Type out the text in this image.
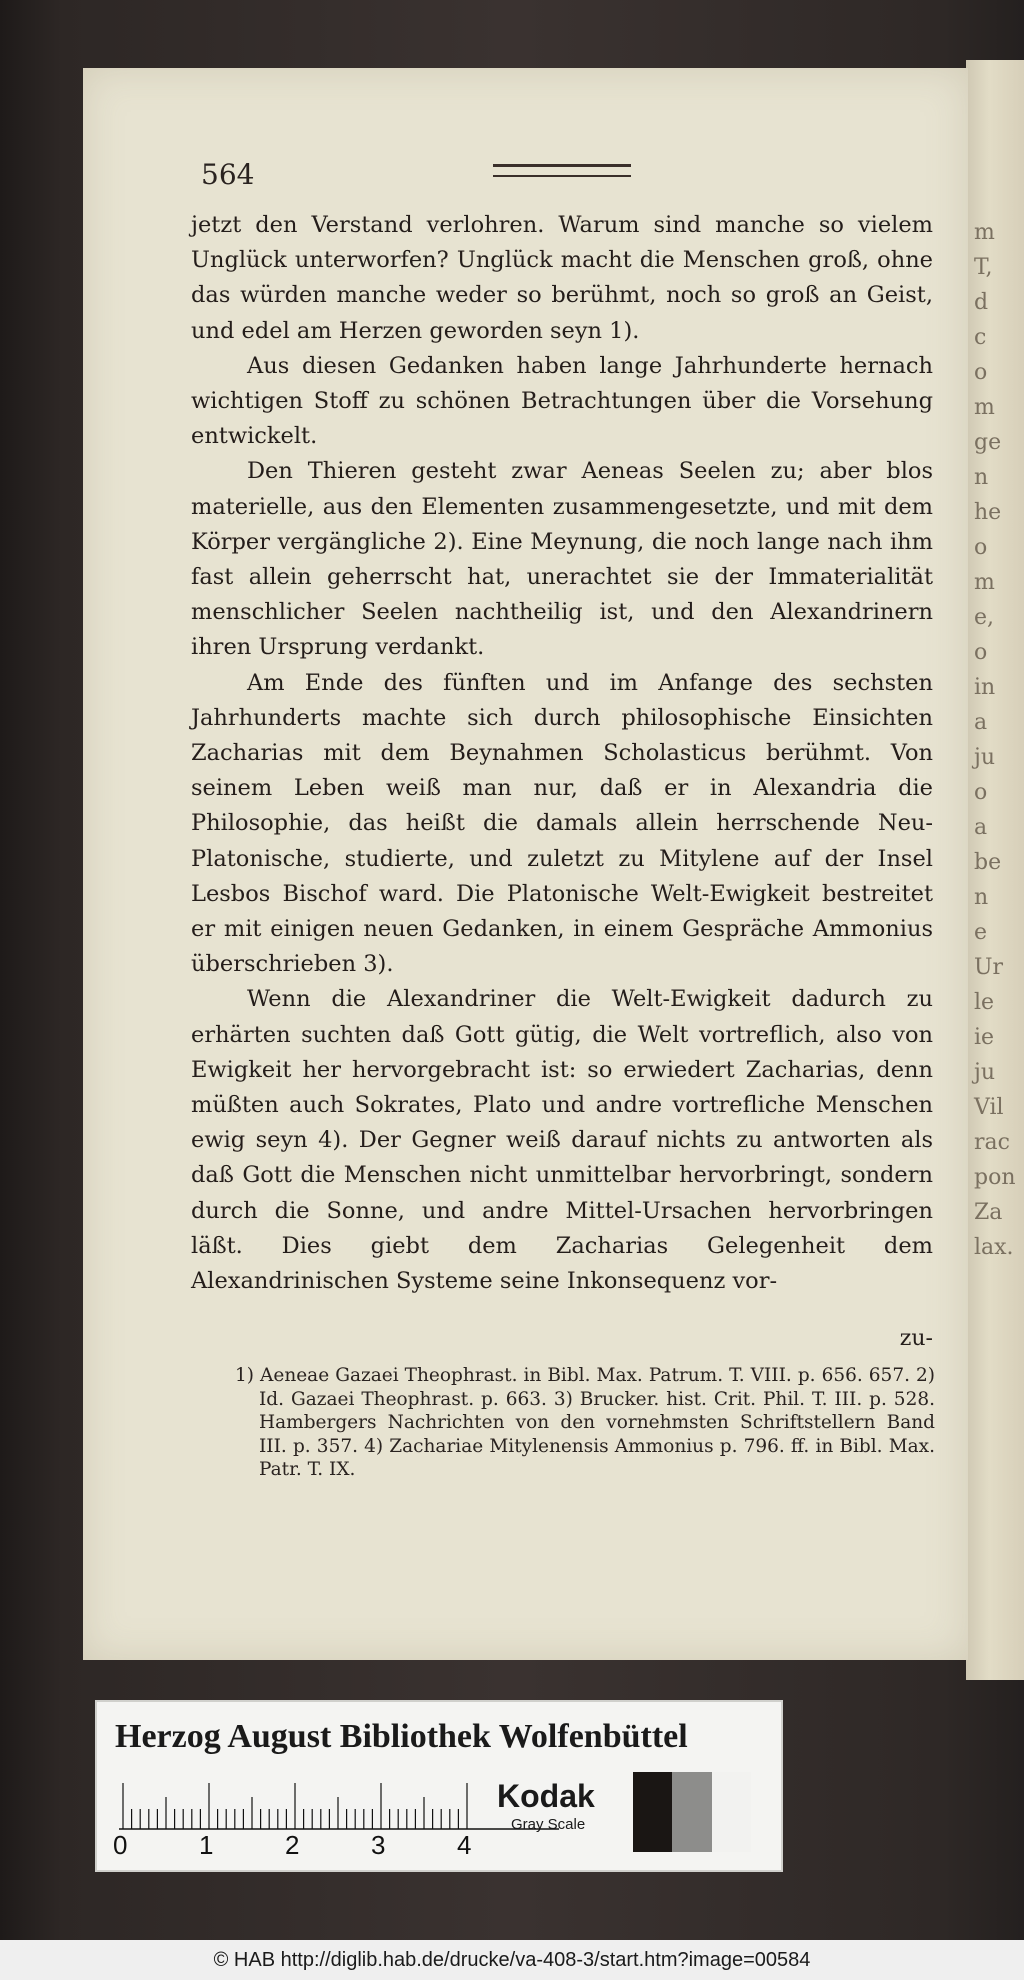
m
T,
d
c
o
m
ge
n
he
o
m
e,
o
in
a
ju
o
a
be
n
e
Ur
le
ie
ju
Vil
rac
pon
Za
lax.
564

jetzt den Verstand verlohren. Warum sind manche so vielem Unglück unterworfen? Unglück macht die Menschen groß, ohne das würden manche weder so berühmt, noch so groß an Geist, und edel am Herzen geworden seyn 1).

Aus diesen Gedanken haben lange Jahrhunderte hernach wichtigen Stoff zu schönen Betrachtungen über die Vorsehung entwickelt.

Den Thieren gesteht zwar Aeneas Seelen zu; aber blos materielle, aus den Elementen zusammengesetzte, und mit dem Körper vergängliche 2). Eine Meynung, die noch lange nach ihm fast allein geherrscht hat, unerachtet sie der Immaterialität menschlicher Seelen nachtheilig ist, und den Alexandrinern ihren Ursprung verdankt.

Am Ende des fünften und im Anfange des sechsten Jahrhunderts machte sich durch philosophische Einsichten Zacharias mit dem Beynahmen Scholasticus berühmt. Von seinem Leben weiß man nur, daß er in Alexandria die Philosophie, das heißt die damals allein herrschende Neu-Platonische, studierte, und zuletzt zu Mitylene auf der Insel Lesbos Bischof ward. Die Platonische Welt-Ewigkeit bestreitet er mit einigen neuen Gedanken, in einem Gespräche Ammonius überschrieben 3).

Wenn die Alexandriner die Welt-Ewigkeit dadurch zu erhärten suchten daß Gott gütig, die Welt vortreflich, also von Ewigkeit her hervorgebracht ist: so erwiedert Zacharias, denn müßten auch Sokrates, Plato und andre vortrefliche Menschen ewig seyn 4). Der Gegner weiß darauf nichts zu antworten als daß Gott die Menschen nicht unmittelbar hervorbringt, sondern durch die Sonne, und andre Mittel-Ursachen hervorbringen läßt. Dies giebt dem Zacharias Gelegenheit dem Alexandrinischen Systeme seine Inkonsequenz vor-

zu-

1) Aeneae Gazaei Theophrast. in Bibl. Max. Patrum. T. VIII. p. 656. 657. 2) Id. Gazaei Theophrast. p. 663. 3) Brucker. hist. Crit. Phil. T. III. p. 528. Hambergers Nachrichten von den vornehmsten Schriftstellern Band III. p. 357. 4) Zachariae Mitylenensis Ammonius p. 796. ff. in Bibl. Max. Patr. T. IX.

Herzog August Bibliothek Wolfenbüttel
0	1	2	3	4
Kodak
Gray Scale
© HAB http://diglib.hab.de/drucke/va-408-3/start.htm?image=00584
